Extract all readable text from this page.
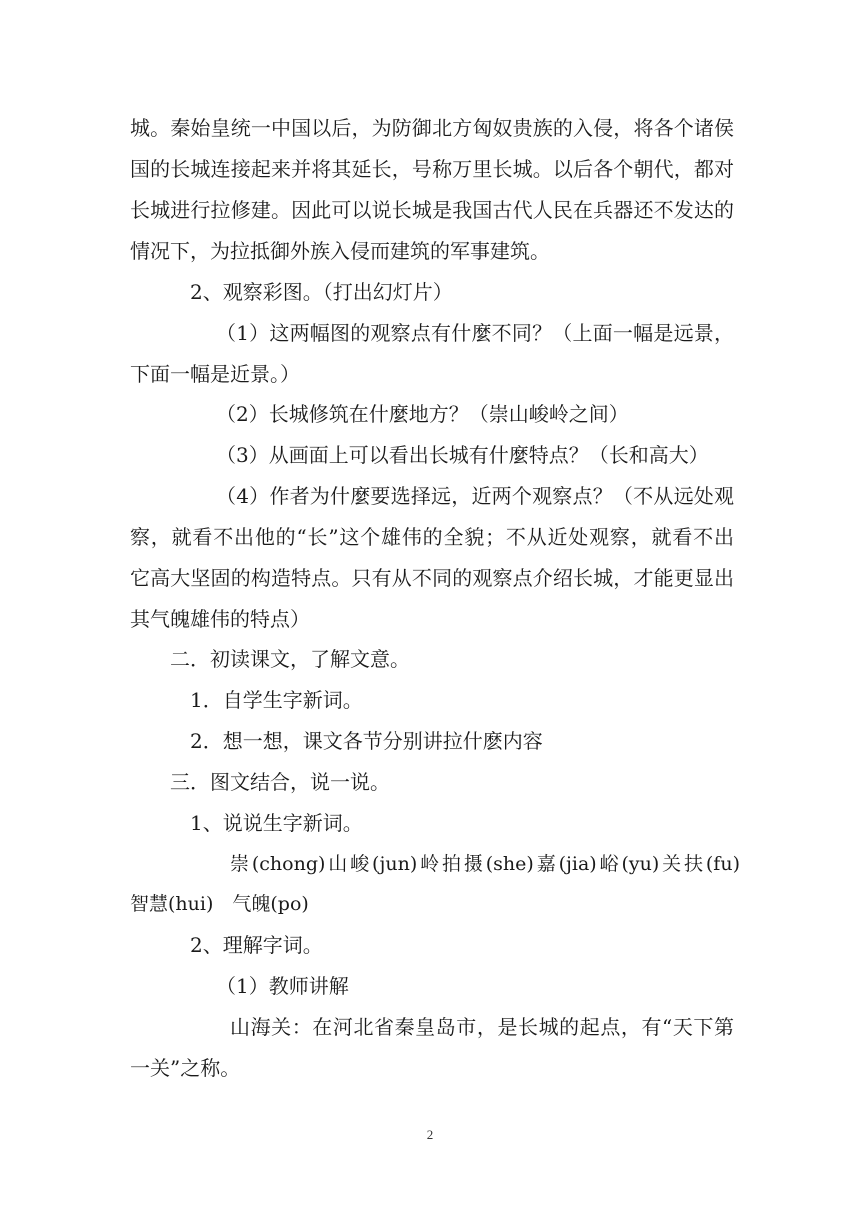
城。秦始皇统一中国以后，为防御北方匈奴贵族的入侵，将各个诸侯
国的长城连接起来并将其延长，号称万里长城。以后各个朝代，都对
长城进行拉修建。因此可以说长城是我国古代人民在兵器还不发达的
情况下，为拉抵御外族入侵而建筑的军事建筑。
2、观察彩图。（打出幻灯片）
（1）这两幅图的观察点有什麼不同？（上面一幅是远景，
下面一幅是近景。）
（2）长城修筑在什麼地方？（崇山峻岭之间）
（3）从画面上可以看出长城有什麼特点？（长和高大）
（4）作者为什麼要选择远，近两个观察点？（不从远处观
察，就看不出他的“长”这个雄伟的全貌；不从近处观察，就看不出
它高大坚固的构造特点。只有从不同的观察点介绍长城，才能更显出
其气魄雄伟的特点）
二．初读课文，了解文意。
1．自学生字新词。
2．想一想，课文各节分别讲拉什麽内容
三．图文结合，说一说。
1、说说生字新词。
崇(chong)山峻(jun)岭拍摄(she)嘉(jia)峪(yu)关扶(fu)
智慧(hui)　气魄(po)
2、理解字词。
（1）教师讲解
山海关：在河北省秦皇岛市，是长城的起点，有“天下第
一关”之称。
2
